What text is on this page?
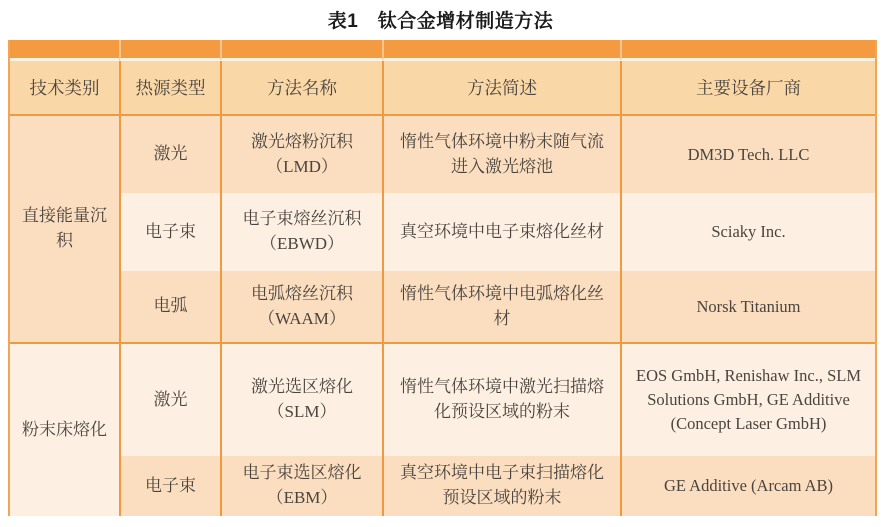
表1　钛合金增材制造方法

技术类别	热源类型	方法名称	方法简述	主要设备厂商
直接能量沉积	激光	激光熔粉沉积（LMD）	惰性气体环境中粉末随气流进入激光熔池	DM3D Tech. LLC
	电子束	电子束熔丝沉积（EBWD）	真空环境中电子束熔化丝材	Sciaky Inc.
	电弧	电弧熔丝沉积（WAAM）	惰性气体环境中电弧熔化丝材	Norsk Titanium
粉末床熔化	激光	激光选区熔化（SLM）	惰性气体环境中激光扫描熔化预设区域的粉末	EOS GmbH, Renishaw Inc., SLM Solutions GmbH, GE Additive (Concept Laser GmbH)
	电子束	电子束选区熔化（EBM）	真空环境中电子束扫描熔化预设区域的粉末	GE Additive (Arcam AB)
